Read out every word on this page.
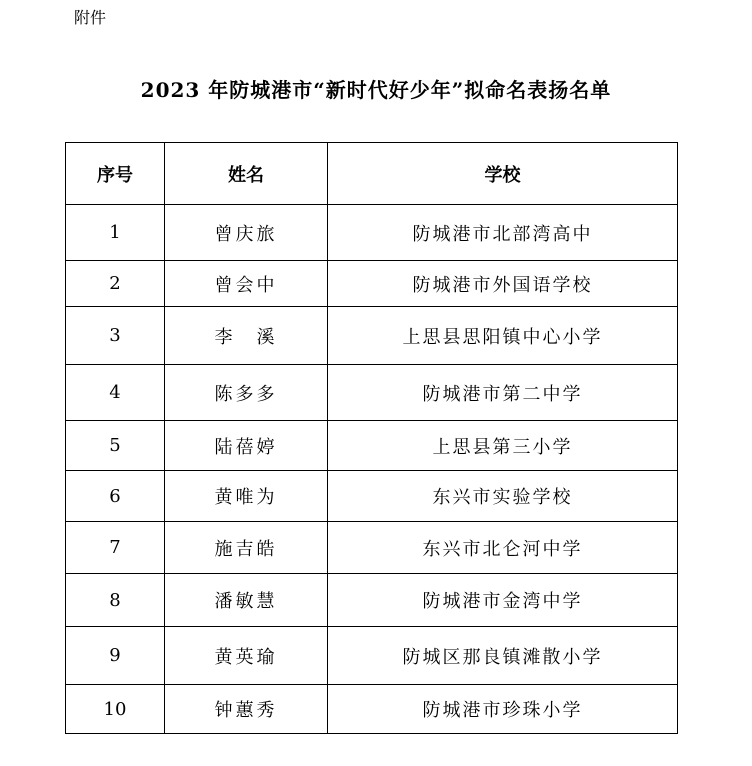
附件
2023 年防城港市“新时代好少年”拟命名表扬名单
序号	姓名	学校
1	曾庆旅	防城港市北部湾高中
2	曾会中	防城港市外国语学校
3	李　溪	上思县思阳镇中心小学
4	陈多多	防城港市第二中学
5	陆蓓婷	上思县第三小学
6	黄唯为	东兴市实验学校
7	施吉皓	东兴市北仑河中学
8	潘敏慧	防城港市金湾中学
9	黄英瑜	防城区那良镇滩散小学
10	钟蕙秀	防城港市珍珠小学
